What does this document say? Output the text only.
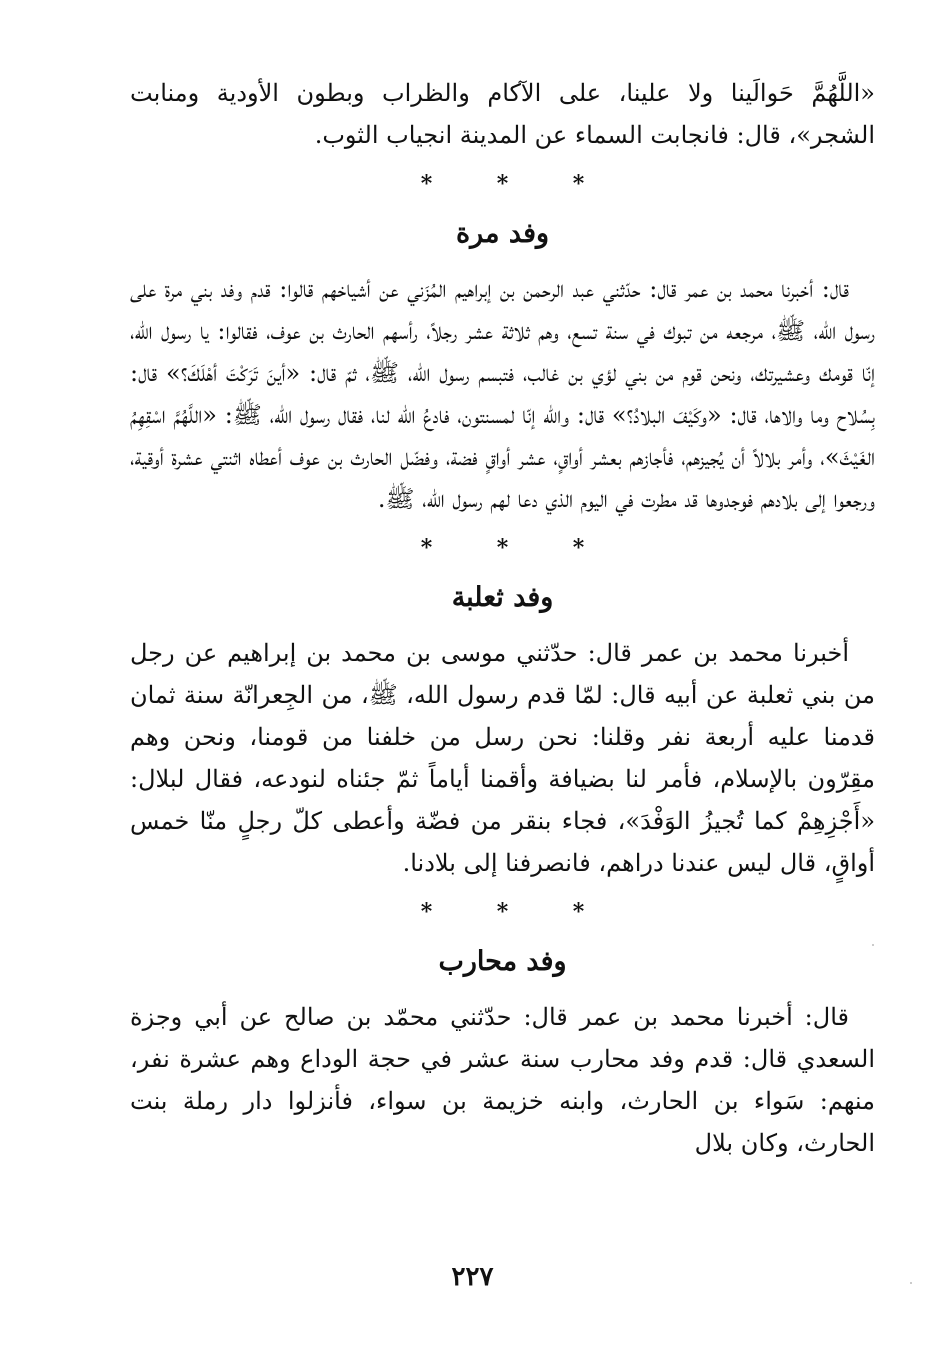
«اللَّهُمَّ حَوالَينا ولا علينا، على الآكام والظراب وبطون الأودية ومنابت الشجر»، قال: فانجابت السماء عن المدينة انجياب الثوب.

*	*	*
وفد مرة

قال: أخبرنا محمد بن عمر قال: حدّثني عبد الرحمن بن إبراهيم المُزَني عن أشياخهم قالوا: قدم وفد بني مرة على رسول الله، ﷺ، مرجعه من تبوك في سنة تسع، وهم ثلاثة عشر رجلاً، رأسهم الحارث بن عوف، فقالوا: يا رسول الله، إنّا قومك وعشيرتك، ونحن قوم من بني لؤي بن غالب، فتبسم رسول الله، ﷺ، ثمّ قال: «أينَ تَرَكْتَ أهْلَكَ؟» قال: بِسُلاح وما والاها، قال: «وكَيْفَ البلادُ؟» قال: والله إنّا لمسنتون، فادعُ الله لنا، فقال رسول الله، ﷺ: «اللَّهُمَّ اسْقِهِمُ الغَيْثَ»، وأمر بلالاً أن يُجيزهم، فأجازهم بعشر أواقٍ، عشر أواقٍ فضة، وفضّل الحارث بن عوف أعطاه اثنتي عشرة أوقية، ورجعوا إلى بلادهم فوجدوها قد مطرت في اليوم الذي دعا لهم رسول الله، ﷺ.

*	*	*
وفد ثعلبة

أخبرنا محمد بن عمر قال: حدّثني موسى بن محمد بن إبراهيم عن رجل من بني ثعلبة عن أبيه قال: لمّا قدم رسول الله، ﷺ، من الجِعرانّة سنة ثمان قدمنا عليه أربعة نفر وقلنا: نحن رسل من خلفنا من قومنا، ونحن وهم مقِرّون بالإسلام، فأمر لنا بضيافة وأقمنا أياماً ثمّ جئناه لنودعه، فقال لبلال: «أَجْزِهِمْ كما تُجيزُ الوَفْدَ»، فجاء بنقر من فضّة وأعطى كلّ رجلٍ منّا خمس أواقٍ، قال ليس عندنا دراهم، فانصرفنا إلى بلادنا.

*	*	*
وفد محارب

قال: أخبرنا محمد بن عمر قال: حدّثني محمّد بن صالح عن أبي وجزة السعدي قال: قدم وفد محارب سنة عشر في حجة الوداع وهم عشرة نفر، منهم: سَواء بن الحارث، وابنه خزيمة بن سواء، فأنزلوا دار رملة بنت الحارث، وكان بلال

٢٢٧
